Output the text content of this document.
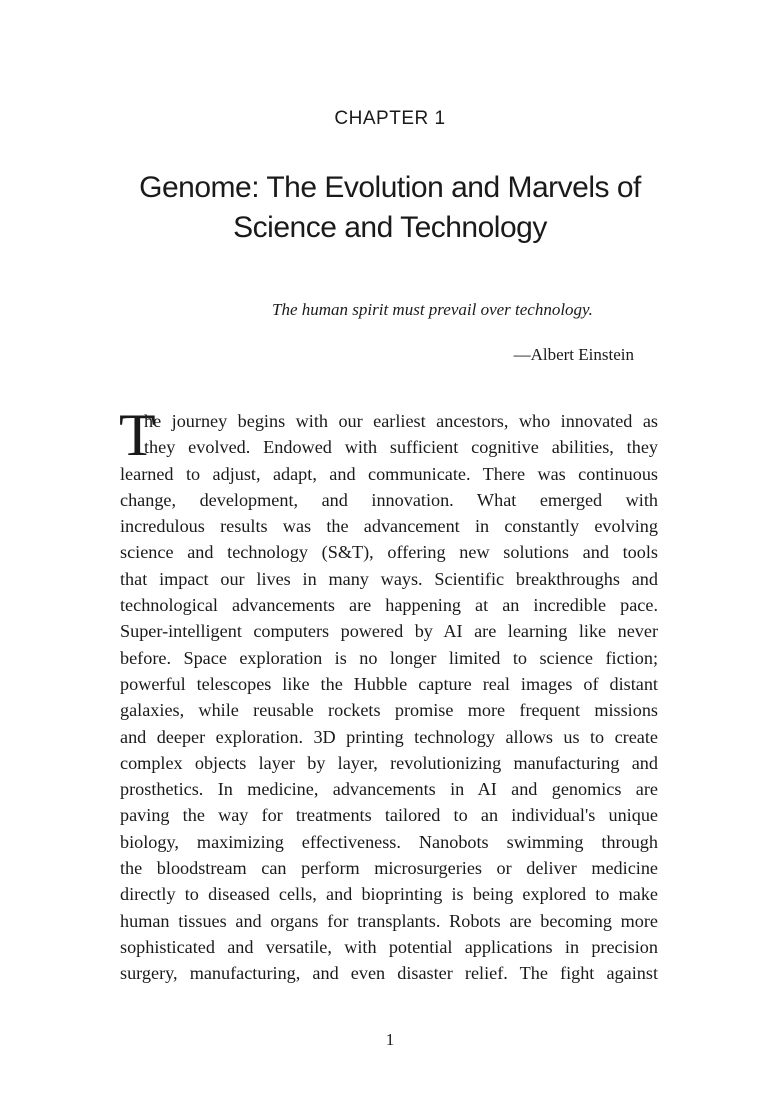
CHAPTER 1
Genome: The Evolution and Marvels of
Science and Technology
The human spirit must prevail over technology.
—Albert Einstein
T
he journey begins with our earliest ancestors, who innovated as
they evolved. Endowed with sufficient cognitive abilities, they
learned to adjust, adapt, and communicate. There was continuous
change, development, and innovation. What emerged with
incredulous results was the advancement in constantly evolving
science and technology (S&T), offering new solutions and tools
that impact our lives in many ways. Scientific breakthroughs and
technological advancements are happening at an incredible pace.
Super-intelligent computers powered by AI are learning like never
before. Space exploration is no longer limited to science fiction;
powerful telescopes like the Hubble capture real images of distant
galaxies, while reusable rockets promise more frequent missions
and deeper exploration. 3D printing technology allows us to create
complex objects layer by layer, revolutionizing manufacturing and
prosthetics. In medicine, advancements in AI and genomics are
paving the way for treatments tailored to an individual's unique
biology, maximizing effectiveness. Nanobots swimming through
the bloodstream can perform microsurgeries or deliver medicine
directly to diseased cells, and bioprinting is being explored to make
human tissues and organs for transplants. Robots are becoming more
sophisticated and versatile, with potential applications in precision
surgery, manufacturing, and even disaster relief. The fight against
1
